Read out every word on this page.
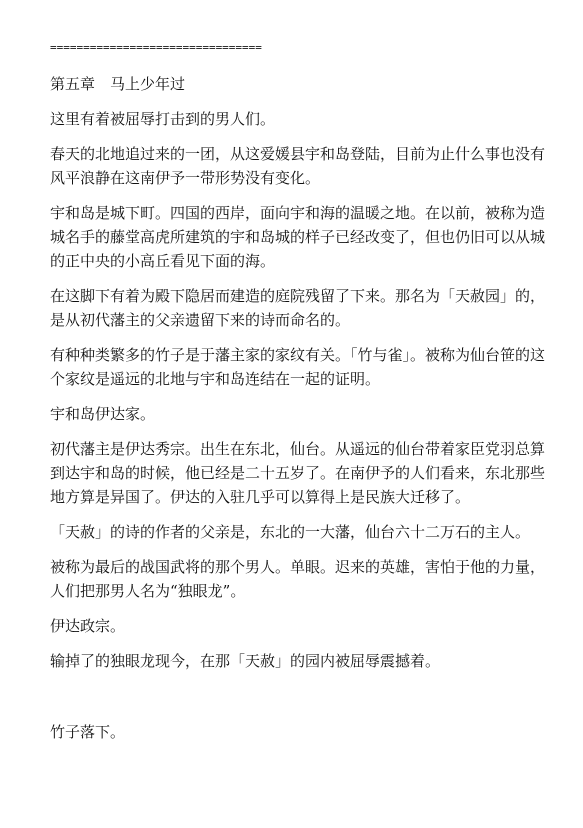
================================
第五章　马上少年过

这里有着被屈辱打击到的男人们。

春天的北地追过来的一团，从这爱媛县宇和岛登陆，目前为止什么事也没有风平浪静在这南伊予一带形势没有变化。

宇和岛是城下町。四国的西岸，面向宇和海的温暖之地。在以前，被称为造城名手的藤堂高虎所建筑的宇和岛城的样子已经改变了，但也仍旧可以从城的正中央的小高丘看见下面的海。

在这脚下有着为殿下隐居而建造的庭院残留了下来。那名为「天赦园」的，是从初代藩主的父亲遗留下来的诗而命名的。

有种种类繁多的竹子是于藩主家的家纹有关。「竹与雀」。被称为仙台笹的这个家纹是遥远的北地与宇和岛连结在一起的证明。

宇和岛伊达家。

初代藩主是伊达秀宗。出生在东北，仙台。从遥远的仙台带着家臣党羽总算到达宇和岛的时候，他已经是二十五岁了。在南伊予的人们看来，东北那些地方算是异国了。伊达的入驻几乎可以算得上是民族大迁移了。

「天赦」的诗的作者的父亲是，东北的一大藩，仙台六十二万石的主人。

被称为最后的战国武将的那个男人。单眼。迟来的英雄，害怕于他的力量，人们把那男人名为“独眼龙”。

伊达政宗。

输掉了的独眼龙现今，在那「天赦」的园内被屈辱震撼着。

竹子落下。
